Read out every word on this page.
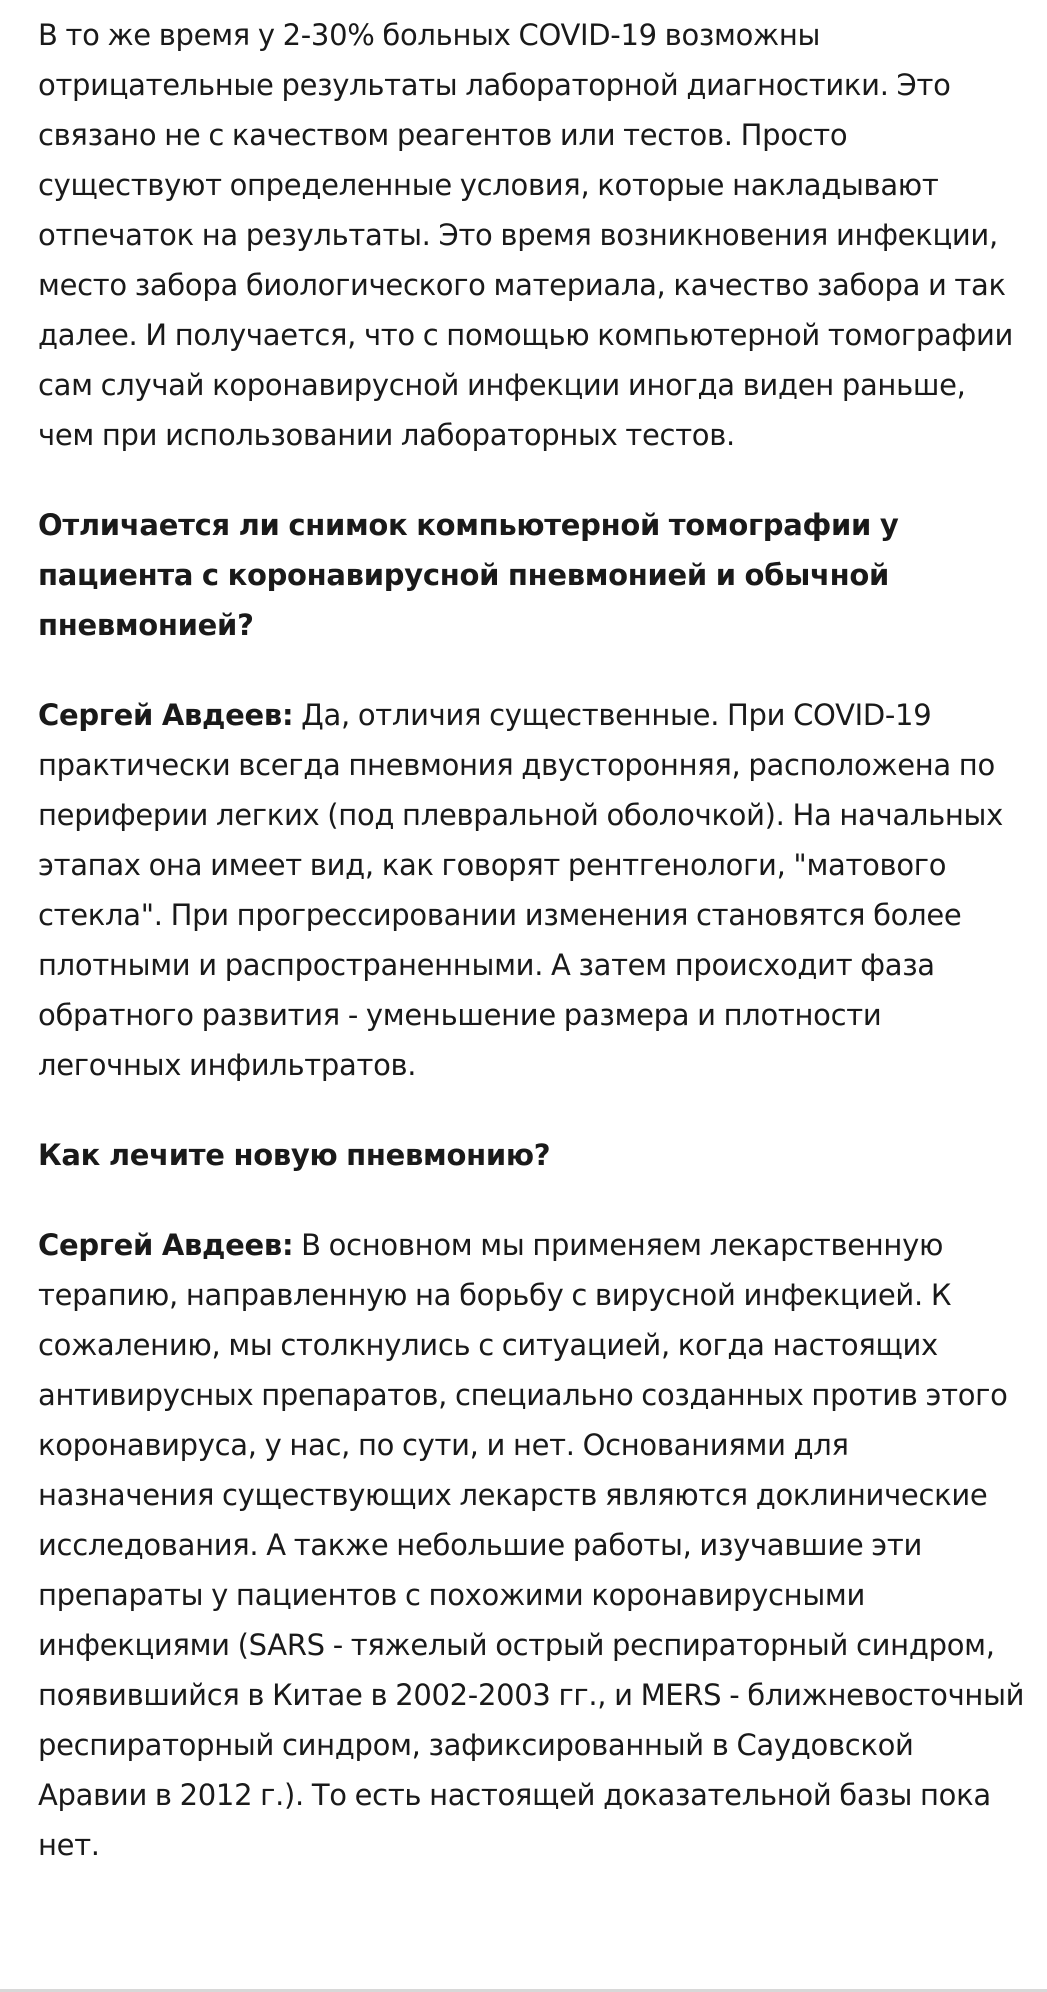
В то же время у 2-30% больных COVID-19 возможны отрицательные результаты лабораторной диагностики. Это связано не с качеством реагентов или тестов. Просто существуют определенные условия, которые накладывают отпечаток на результаты. Это время возникновения инфекции, место забора биологического материала, качество забора и так далее. И получается, что с помощью компьютерной томографии сам случай коронавирусной инфекции иногда виден раньше, чем при использовании лабораторных тестов.

Отличается ли снимок компьютерной томографии у пациента с коронавирусной пневмонией и обычной пневмонией?

Сергей Авдеев: Да, отличия существенные. При COVID-19 практически всегда пневмония двусторонняя, расположена по периферии легких (под плевральной оболочкой). На начальных этапах она имеет вид, как говорят рентгенологи, "матового стекла". При прогрессировании изменения становятся более плотными и распространенными. А затем происходит фаза обратного развития - уменьшение размера и плотности легочных инфильтратов.

Как лечите новую пневмонию?

Сергей Авдеев: В основном мы применяем лекарственную терапию, направленную на борьбу с вирусной инфекцией. К сожалению, мы столкнулись с ситуацией, когда настоящих антивирусных препаратов, специально созданных против этого коронавируса, у нас, по сути, и нет. Основаниями для назначения существующих лекарств являются доклинические исследования. А также небольшие работы, изучавшие эти препараты у пациентов с похожими коронавирусными инфекциями (SARS - тяжелый острый респираторный синдром, появившийся в Китае в 2002-2003 гг., и MERS - ближневосточный респираторный синдром, зафиксированный в Саудовской Аравии в 2012 г.). То есть настоящей доказательной базы пока нет.
